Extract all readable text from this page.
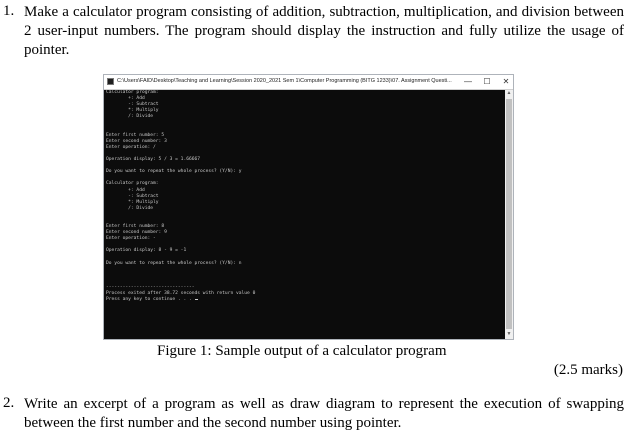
1. Make a calculator program consisting of addition, subtraction, multiplication, and division between 2 user-input numbers. The program should display the instruction and fully utilize the usage of pointer.
C:\Users\FAID\Desktop\Teaching and Learning\Session 2020_2021 Sem 1\Computer Programming (BITG 1233)\07. Assignment Questi...	—	☐	✕
Calculator program:
+: Add
-: Subtract
*: Multiply
/: Divide
Enter first number: 5
Enter second number: 3
Enter operation: /
Operation display: 5 / 3 = 1.66667
Do you want to repeat the whole process? (Y/N): y
Calculator program:
+: Add
-: Subtract
*: Multiply
/: Divide
Enter first number: 8
Enter second number: 9
Enter operation: -
Operation display: 8 - 9 = -1
Do you want to repeat the whole process? (Y/N): n
--------------------------------
Process exited after 38.72 seconds with return value 0
Press any key to continue . . .
▲
▼
Figure 1: Sample output of a calculator program
(2.5 marks)
2. Write an excerpt of a program as well as draw diagram to represent the execution of swapping between the first number and the second number using pointer.
